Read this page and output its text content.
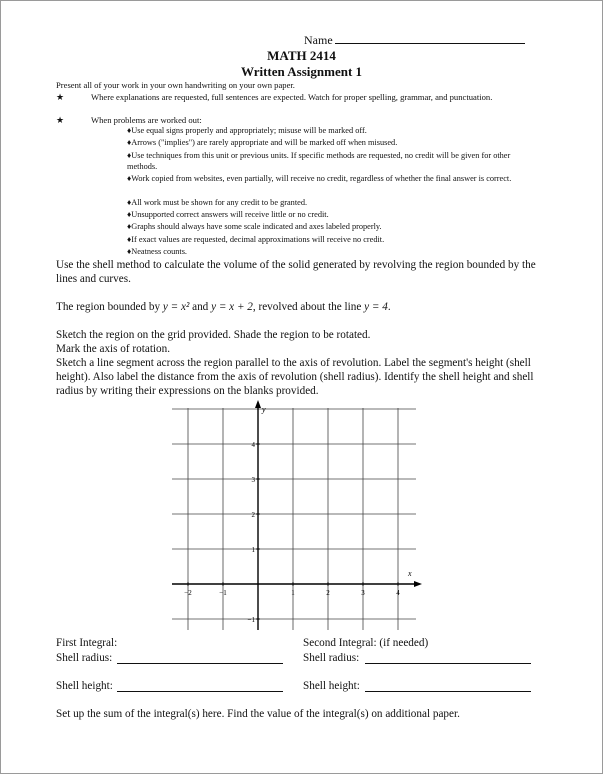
Name
MATH 2414
Written Assignment 1
Present all of your work in your own handwriting on your own paper.
★	Where explanations are requested, full sentences are expected. Watch for proper spelling, grammar, and punctuation.
★	When problems are worked out:
♦Use equal signs properly and appropriately; misuse will be marked off.
♦Arrows ("implies") are rarely appropriate and will be marked off when misused.
♦Use techniques from this unit or previous units. If specific methods are requested, no credit will be given for other methods.
♦Work copied from websites, even partially, will receive no credit, regardless of whether the final answer is correct.
♦All work must be shown for any credit to be granted.
♦Unsupported correct answers will receive little or no credit.
♦Graphs should always have some scale indicated and axes labeled properly.
♦If exact values are requested, decimal approximations will receive no credit.
♦Neatness counts.
Use the shell method to calculate the volume of the solid generated by revolving the region bounded by the lines and curves.
The region bounded by y = x² and y = x + 2, revolved about the line y = 4.
Sketch the region on the grid provided. Shade the region to be rotated.
Mark the axis of rotation.
Sketch a line segment across the region parallel to the axis of revolution. Label the segment's height (shell height). Also label the distance from the axis of revolution (shell radius). Identify the shell height and shell radius by writing their expressions on the blanks provided.
x
y
−2	−1	1	2	3	4
4
3
2
1
−1
First Integral:	Second Integral: (if needed)
Shell radius:	Shell radius:
Shell height:	Shell height:
Set up the sum of the integral(s) here. Find the value of the integral(s) on additional paper.
